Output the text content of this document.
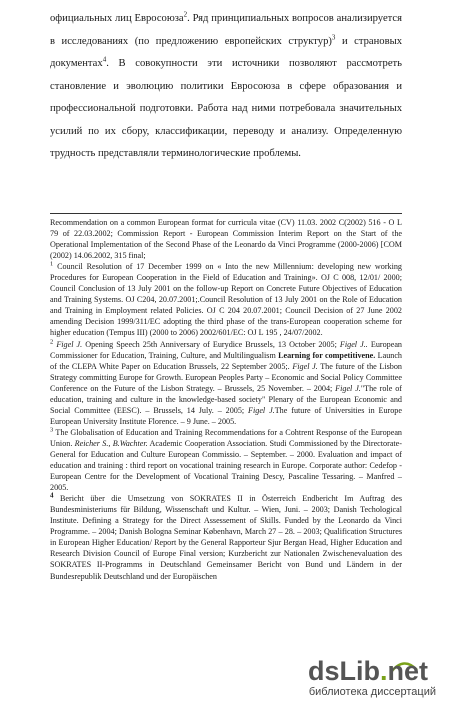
официальных лиц Евросоюза$^2$. Ряд принципиальных вопросов анализируется в исследованиях (по предложению европейских структур)$^3$ и страновых документах$^4$. В совокупности эти источники позволяют рассмотреть становление и эволюцию политики Евросоюза в сфере образования и профессиональной подготовки. Работа над ними потребовала значительных усилий по их сбору, классификации, переводу и анализу. Определенную трудность представляли терминологические проблемы.

Recommendation on a common European format for curricula vitae (CV) 11.03. 2002 C(2002) 516 - O L 79 of 22.03.2002; Commission Report - European Commission Interim Report on the Start of the Operational Implementation of the Second Phase of the Leonardo da Vinci Programme (2000-2006) [COM (2002) 14.06.2002, 315 final;
$^1$ Council Resolution of 17 December 1999 on « Into the new Millennium: developing new working Procedures for European Cooperation in the Field of Education and Training». OJ C 008, 12/01/ 2000; Council Conclusion of 13 July 2001 on the follow-up Report on Concrete Future Objectives of Education and Training Systems. OJ C204, 20.07.2001;.Council Resolution of 13 July 2001 on the Role of Education and Training in Employment related Policies. OJ C 204 20.07.2001; Council Decision of 27 June 2002 amending Decision 1999/311/EC adopting the third phase of the trans-European cooperation scheme for higher education (Tempus III) (2000 to 2006) 2002/601/EC: OJ L 195 , 24/07/2002.

$^2$ Figel J. Opening Speech 25th Anniversary of Eurydice Brussels, 13 October 2005; Figel J.. European Commissioner for Education, Training, Culture, and Multilingualism Learning for competitivene. Launch of the CLEPA White Paper on Education Brussels, 22 September 2005;. Figel J. The future of the Lisbon Strategy committing Europe for Growth. European Peoples Party – Economic and Social Policy Committee Conference on the Future of the Lisbon Strategy. – Brussels, 25 November. – 2004; Figel J."The role of education, training and culture in the knowledge-based society" Plenary of the European Economic and Social Committee (EESC). – Brussels, 14 July. – 2005; Figel J.The future of Universities in Europe European University Institute Florence. – 9 June. – 2005.

$^3$ The Globalisation of Education and Training Recommendations for a Cohtrent Response of the European Union. Reicher S., B.Wachter. Academic Cooperation Association. Studi Commissioned by the Directorate-General for Education and Culture European Commissio. – September. – 2000. Evaluation and impact of education and training : third report on vocational training research in Europe. Corporate author: Cedefop - European Centre for the Development of Vocational Training Descy, Pascaline Tessaring. – Manfred – 2005.

4 Bericht über die Umsetzung von SOKRATES II in Österreich Endbericht Im Auftrag des Bundesministeriums für Bildung, Wissenschaft und Kultur. – Wien, Juni. – 2003; Danish Techological Institute. Defining a Strategy for the Direct Assessement of Skills. Funded by the Leonardo da Vinci Programme. – 2004; Danish Bologna Seminar København, March 27 – 28. – 2003; Qualification Structures in European Higher Education/ Report by the General Rapporteur Sjur Bergan Head, Higher Education and Research Division Council of Europe Final version; Kurzbericht zur Nationalen Zwischenevaluation des SOKRATES II-Programms in Deutschland Gemeinsamer Bericht von Bund und Ländern in der Bundesrepublik Deutschland und der Europäischen

dsLib.net
библиотека диссертаций
